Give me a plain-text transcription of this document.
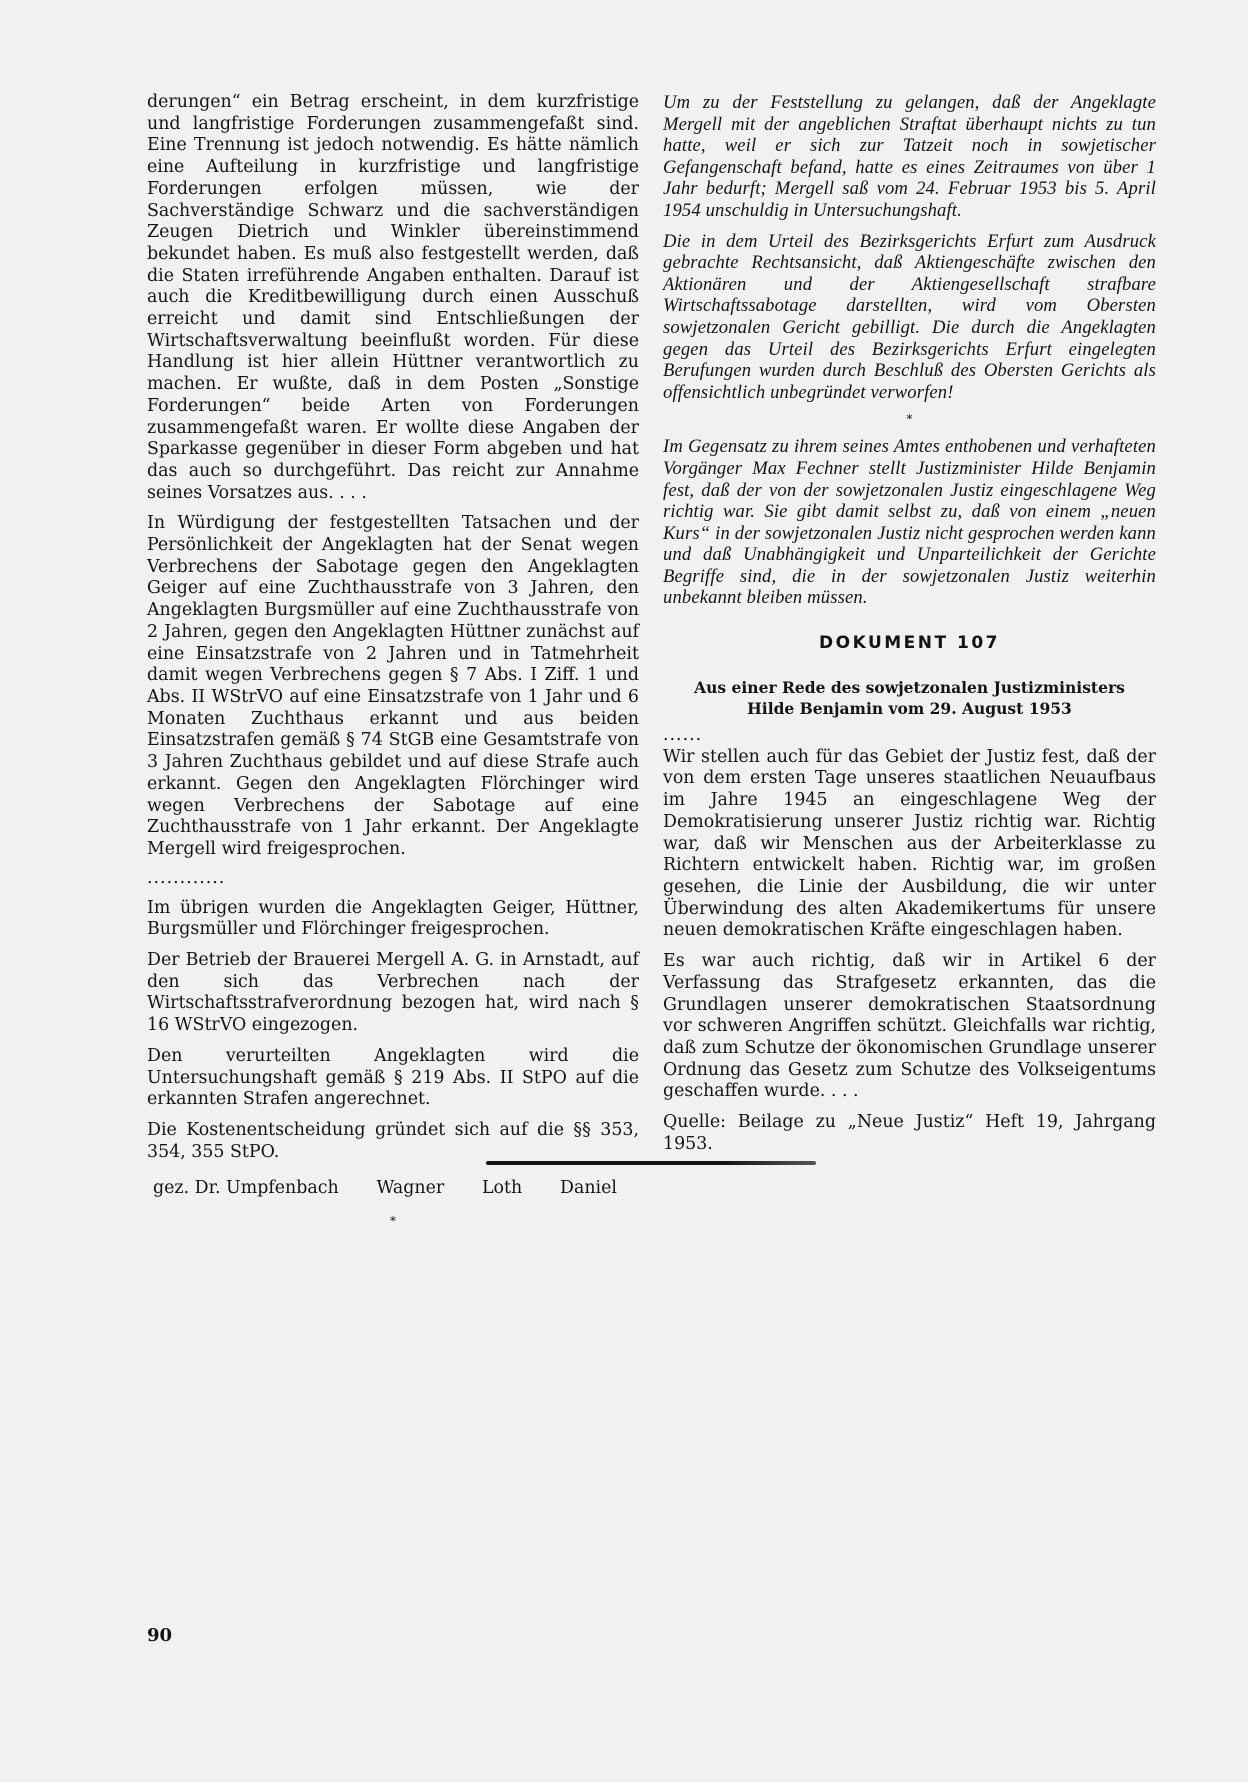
derungen“ ein Betrag erscheint, in dem kurzfristige und langfristige Forderungen zusammengefaßt sind. Eine Trennung ist jedoch notwendig. Es hätte nämlich eine Aufteilung in kurzfristige und langfristige Forderungen erfolgen müssen, wie der Sachverständige Schwarz und die sachverständigen Zeugen Dietrich und Winkler übereinstimmend bekundet haben. Es muß also festgestellt werden, daß die Staten irreführende Angaben enthalten. Darauf ist auch die Kreditbewilligung durch einen Ausschuß erreicht und damit sind Entschließungen der Wirtschaftsverwaltung beeinflußt worden. Für diese Handlung ist hier allein Hüttner verantwortlich zu machen. Er wußte, daß in dem Posten „Sonstige Forderungen“ beide Arten von Forderungen zusammengefaßt waren. Er wollte diese Angaben der Sparkasse gegenüber in dieser Form abgeben und hat das auch so durchgeführt. Das reicht zur Annahme seines Vorsatzes aus. . . .

In Würdigung der festgestellten Tatsachen und der Persönlichkeit der Angeklagten hat der Senat wegen Verbrechens der Sabotage gegen den Angeklagten Geiger auf eine Zuchthausstrafe von 3 Jahren, den Angeklagten Burgsmüller auf eine Zuchthausstrafe von 2 Jahren, gegen den Angeklagten Hüttner zunächst auf eine Einsatzstrafe von 2 Jahren und in Tatmehrheit damit wegen Verbrechens gegen § 7 Abs. I Ziff. 1 und Abs. II WStrVO auf eine Einsatzstrafe von 1 Jahr und 6 Monaten Zuchthaus erkannt und aus beiden Einsatzstrafen gemäß § 74 StGB eine Gesamtstrafe von 3 Jahren Zuchthaus gebildet und auf diese Strafe auch erkannt. Gegen den Angeklagten Flörchinger wird wegen Verbrechens der Sabotage auf eine Zuchthausstrafe von 1 Jahr erkannt. Der Angeklagte Mergell wird freigesprochen.

............

Im übrigen wurden die Angeklagten Geiger, Hüttner, Burgsmüller und Flörchinger freigesprochen.

Der Betrieb der Brauerei Mergell A. G. in Arnstadt, auf den sich das Verbrechen nach der Wirtschaftsstrafverordnung bezogen hat, wird nach § 16 WStrVO eingezogen.

Den verurteilten Angeklagten wird die Untersuchungshaft gemäß § 219 Abs. II StPO auf die erkannten Strafen angerechnet.

Die Kostenentscheidung gründet sich auf die §§ 353, 354, 355 StPO.

gez. Dr. Umpfenbach Wagner Loth Daniel
*

Um zu der Feststellung zu gelangen, daß der Angeklagte Mergell mit der angeblichen Straftat überhaupt nichts zu tun hatte, weil er sich zur Tatzeit noch in sowjetischer Gefangenschaft befand, hatte es eines Zeitraumes von über 1 Jahr bedurft; Mergell saß vom 24. Februar 1953 bis 5. April 1954 unschuldig in Untersuchungshaft.

Die in dem Urteil des Bezirksgerichts Erfurt zum Ausdruck gebrachte Rechtsansicht, daß Aktiengeschäfte zwischen den Aktionären und der Aktiengesellschaft strafbare Wirtschaftssabotage darstellten, wird vom Obersten sowjetzonalen Gericht gebilligt. Die durch die Angeklagten gegen das Urteil des Bezirksgerichts Erfurt eingelegten Berufungen wurden durch Beschluß des Obersten Gerichts als offensichtlich unbegründet verworfen!

*

Im Gegensatz zu ihrem seines Amtes enthobenen und verhafteten Vorgänger Max Fechner stellt Justizminister Hilde Benjamin fest, daß der von der sowjetzonalen Justiz eingeschlagene Weg richtig war. Sie gibt damit selbst zu, daß von einem „neuen Kurs“ in der sowjetzonalen Justiz nicht gesprochen werden kann und daß Unabhängigkeit und Unparteilichkeit der Gerichte Begriffe sind, die in der sowjetzonalen Justiz weiterhin unbekannt bleiben müssen.

DOKUMENT 107
Aus einer Rede des sowjetzonalen Justizministers
Hilde Benjamin vom 29. August 1953
......

Wir stellen auch für das Gebiet der Justiz fest, daß der von dem ersten Tage unseres staatlichen Neuaufbaus im Jahre 1945 an eingeschlagene Weg der Demokratisierung unserer Justiz richtig war. Richtig war, daß wir Menschen aus der Arbeiterklasse zu Richtern entwickelt haben. Richtig war, im großen gesehen, die Linie der Ausbildung, die wir unter Überwindung des alten Akademikertums für unsere neuen demokratischen Kräfte eingeschlagen haben.

Es war auch richtig, daß wir in Artikel 6 der Verfassung das Strafgesetz erkannten, das die Grundlagen unserer demokratischen Staatsordnung vor schweren Angriffen schützt. Gleichfalls war richtig, daß zum Schutze der ökonomischen Grundlage unserer Ordnung das Gesetz zum Schutze des Volkseigentums geschaffen wurde. . . .

Quelle: Beilage zu „Neue Justiz“ Heft 19, Jahrgang 1953.

90
